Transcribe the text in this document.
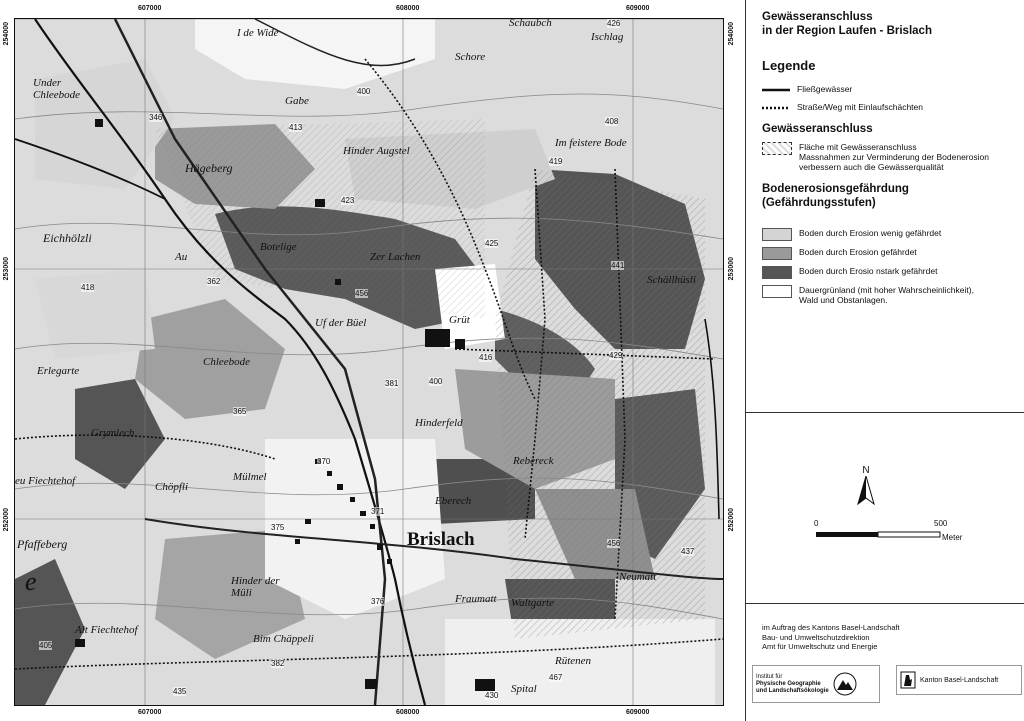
607000	608000	609000
607000	608000	609000
254000
253000
252000
254000
253000
252000
I de Wide
Under Chleebode
Hägeberg
Hinder Augstel
Eichhölzli
Au	Zer Lachen
Botelige
Grüt
Uf der Büel
Chleebode
Erlegarte
Grymlech
Chöpfli
Mülmel
Hinderfeld
Rebereck
Eberech
eu Fiechtehof
Pfaffeberg
Hinder der Müli
Brislach
Fraumatt Waltgarte
Alt Fiechtehof
Bim Chäppeli
Rütenen
Spital
Ischlag
Schore
Im feistere Bode
Schällhüsli
Neumatt
Gabe
Schaubch
e
426
400
413
346	408
419
423
425
441
362
418
456
416	429
381	400
365
370
371
375
456
437
376
405
382
435
467
430
Gewässeranschluss
in der Region Laufen - Brislach
Legende
Fließgewässer
Straße/Weg mit Einlaufschächten
Gewässeranschluss
Fläche mit Gewässeranschluss
Massnahmen zur Verminderung der Bodenerosion
verbessern auch die Gewässerqualität
Bodenerosionsgefährdung
(Gefährdungsstufen)
Boden durch Erosion wenig gefährdet
Boden durch Erosion gefährdet
Boden durch Erosio nstark gefährdet
Dauergrünland (mit hoher Wahrscheinlichkeit),
Wald und Obstanlagen.
N
0	500
Meter
im Auftrag des Kantons Basel-Landschaft
Bau- und Umweltschutzdirektion
Amt für Umweltschutz und Energie
Institut für
Physische Geographie
und Landschaftsökologie
Kanton Basel-Landschaft
